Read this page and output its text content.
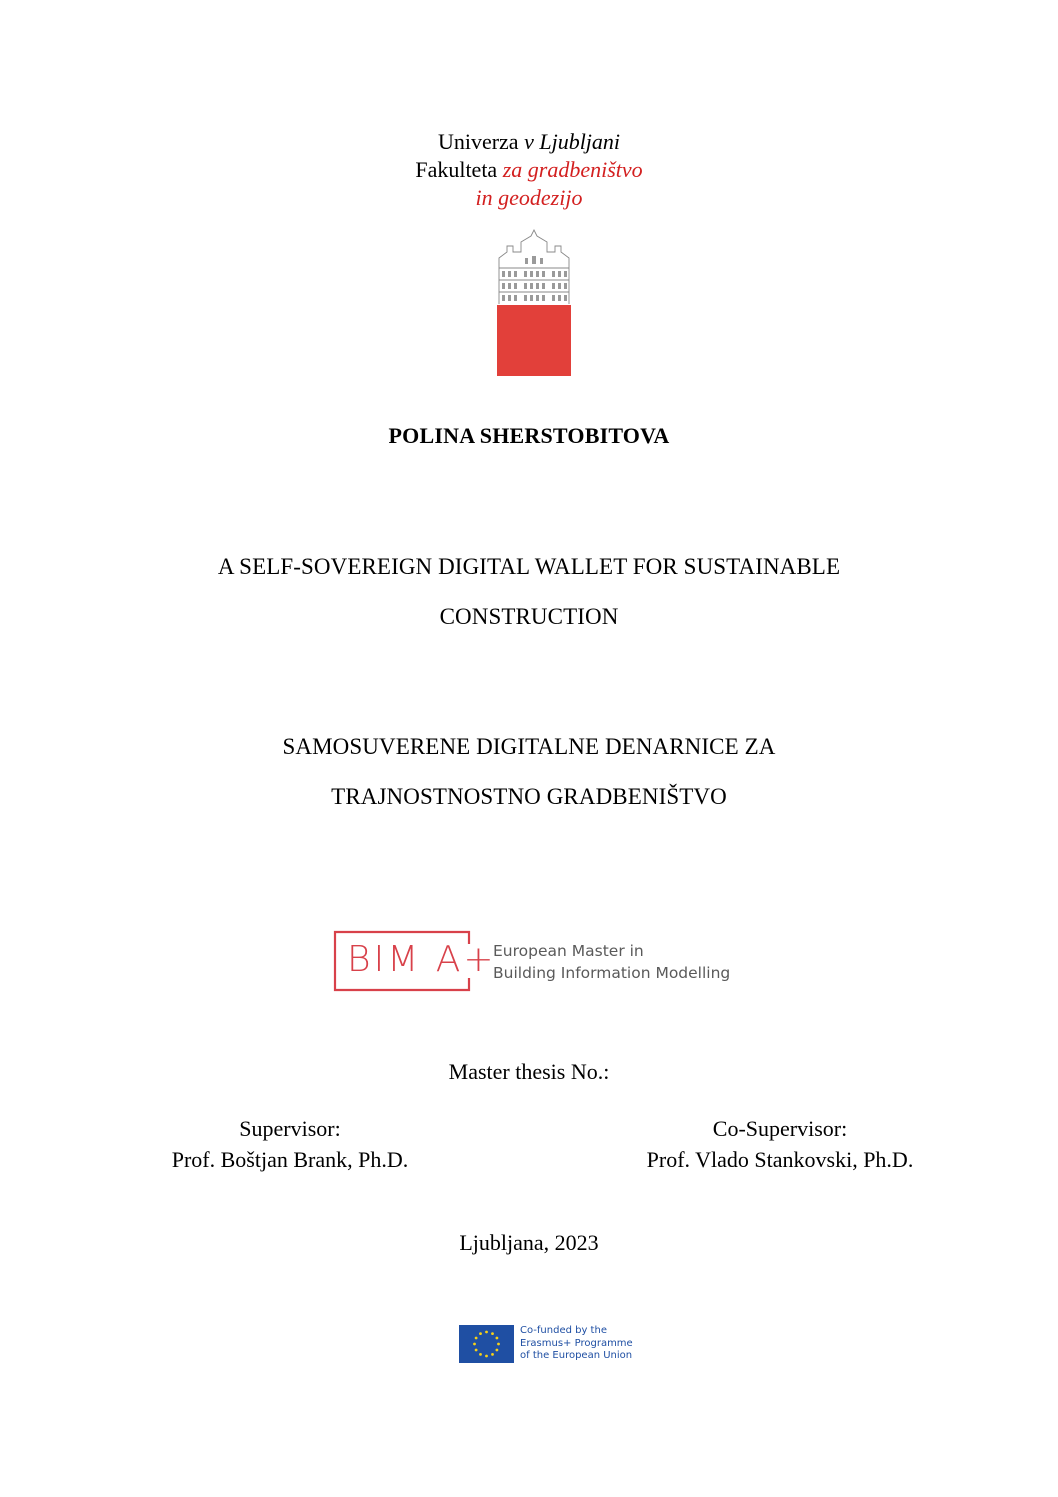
Univerza v Ljubljani
Fakulteta za gradbeništvo
in geodezijo
POLINA SHERSTOBITOVA
A SELF-SOVEREIGN DIGITAL WALLET FOR SUSTAINABLE
CONSTRUCTION
SAMOSUVERENE DIGITALNE DENARNICE ZA
TRAJNOSTNOSTNO GRADBENIŠTVO
BIM A+
European Master in
Building Information Modelling
Master thesis No.:
Supervisor:
Prof. Boštjan Brank, Ph.D.
Co-Supervisor:
Prof. Vlado Stankovski, Ph.D.
Ljubljana, 2023
Co-funded by the
Erasmus+ Programme
of the European Union
